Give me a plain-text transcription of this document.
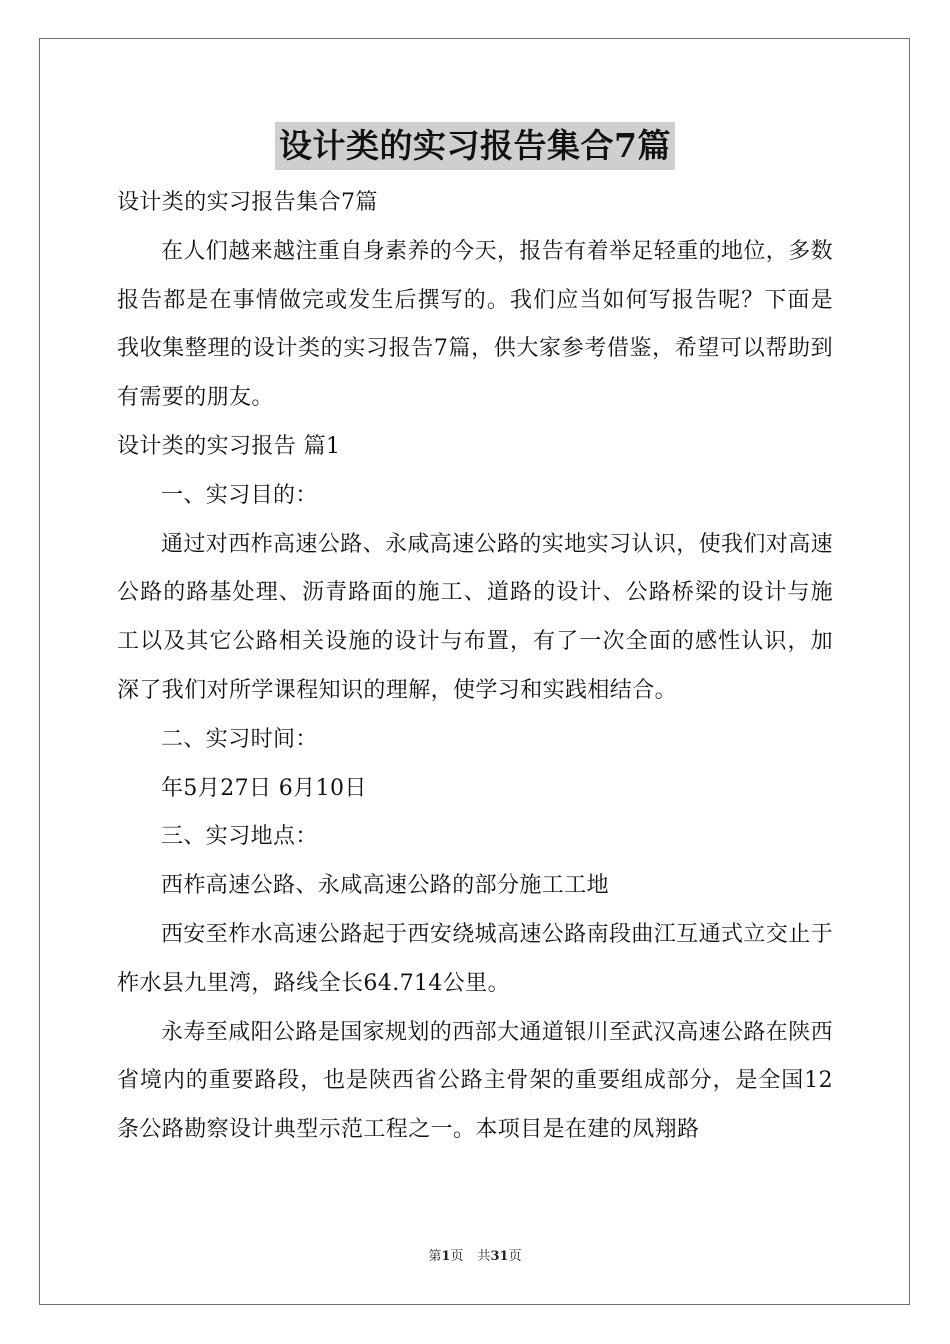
设计类的实习报告集合7篇

设计类的实习报告集合7篇

在人们越来越注重自身素养的今天，报告有着举足轻重的地位，多数报告都是在事情做完或发生后撰写的。我们应当如何写报告呢？下面是我收集整理的设计类的实习报告7篇，供大家参考借鉴，希望可以帮助到有需要的朋友。

设计类的实习报告 篇1

一、实习目的：

通过对西柞高速公路、永咸高速公路的实地实习认识，使我们对高速公路的路基处理、沥青路面的施工、道路的设计、公路桥梁的设计与施工以及其它公路相关设施的设计与布置，有了一次全面的感性认识，加深了我们对所学课程知识的理解，使学习和实践相结合。

二、实习时间：

年5月27日 6月10日

三、实习地点：

西柞高速公路、永咸高速公路的部分施工工地

西安至柞水高速公路起于西安绕城高速公路南段曲江互通式立交止于柞水县九里湾，路线全长64.714公里。

永寿至咸阳公路是国家规划的西部大通道银川至武汉高速公路在陕西省境内的重要路段，也是陕西省公路主骨架的重要组成部分，是全国12条公路勘察设计典型示范工程之一。本项目是在建的凤翔路

第1页 共31页
